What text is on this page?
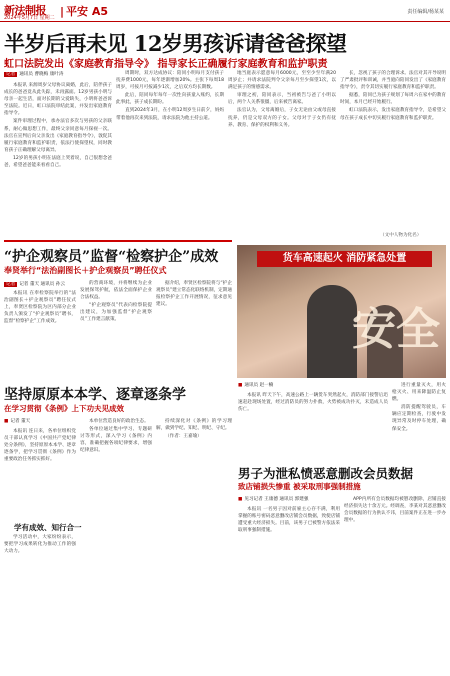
新法制报
2024年5月7日 星期二 | 平安 A5	责任编辑/杨某某
半岁后再未见 12岁男孩诉请爸爸探望
虹口法院发出《家庭教育指导令》 指导家长正确履行家庭教育和监护职责
记者 通讯员 曹晓梅 康叶涛

本报讯 来源周岁父母协议离婚，此后，陪伴孩子成长的爸爸竟从此失踪，未再露面。12岁男孩小明与母亲一起生活，面对长期的父爱缺失，小明将爸爸诉至法院。近日，虹口法院审结此案，并发出家庭教育指导令。

案件审理过程中，承办法官多次与男孩的父亲联系，耐心做思想工作，最终父亲同意每月探视一次。法官在宣判后向父亲发出《家庭教育指导令》，敦促其履行家庭教育和监护职责，依法行使探望权，同时教育孩子正确理解父母离异。

12岁的男孩小明在法庭上哭着说，自己很想念爸爸，希望爸爸能来看看自己。

周期时，双方达成协议：陪同小明每月支付孩子抚养费1000元，每年逐渐增加20%。主张下每周18周岁，可按月可按减少1次，之后双方均长期数。

此后，陪同每年每年一次性向孩童入账约，长期此事此，孩子成长期盼。

直到2024年3月，在小明12周岁生日前夕，妈妈带着他再次来到法院，请求法院为他主持公道。

地当庭表示愿意每月6000元，至至少至年满20周岁止；并请求法院判令父亲每月至少探望1次，以满足孩子的情感需求。

审理之初，陪同表示，当初被告与爸了小明以后，两个人关系很僵，后来被告离家。

法官认为，父母离婚后，子女无论由父或母直接抚养，仍是父母双方的子女。父母对于子女仍有抚养、教育、保护的权利和义务。

长，忽视了孩子的合理诉求。法官对其开导说明了严肃批评和训诫，并当庭向陪同发出了《家庭教育指导令》，责令其切实履行家庭教育和监护职责。

据悉，陪同已为孩子规划了每周六在家中的教育时间，本月已经开始履行。

虹口法院表示，发出家庭教育指导令，是希望父母在孩子成长中切实履行家庭教育和监护职责。

（文中人物为化名）
“护企观察员”监督“检察护企”成效
奉贤举行“法治副图长＋护企观察员”聘任仪式
记者 记者 董天 通讯员 孙云

本报讯 在奉检察院举行的“法治副图长＋护企观察员”聘任仪式上，奉贤区检察院为区内部分企业负责人颁发了“护企观察员”聘书，监督“检察护企”工作成效。

的营商环境，并将继续为企业发展保驾护航，依法全面保护企业合法权益。

“护企观察员”代表向检察院提出建议，为加强监督“护企观察员”工作建言献策。

据介绍，奉贤区检察院将与“护企观察员”建立常态化联络机制，定期通报检察护企工作开展情况，征求意见建议。

货车高速起火 消防紧急处置
安全
■ 通讯员 赵一楠

本报讯 昨天下午，高速公路上一辆货车突然起火，消防部门接警后迅速赶赴现场处置，经过消防员的努力扑救，火势被成功扑灭，未造成人员伤亡。

进行重量灭火，用火枪灭火、用来降温防止复燃。

消防提醒驾驶员，车辆应定期检查，行驶中发现异常及时停车处理，确保安全。

坚持原原本本学、逐章逐条学
在学习贯彻《条例》上下功夫见成效
■ 记者 董天

本报讯 连日来，各单位组织党员干部认真学习《中国共产党纪律处分条例》，坚持原原本本学、逐章逐条学，把学习贯彻《条例》作为重要政治任务抓实抓好。

学有成效、知行合一

学习活动中，大家纷纷表示，要把学习成果转化为推动工作的强大动力。

本单位营造良好的政治生态。

各单位通过集中学习、专题研讨等形式，深入学习《条例》内容，准确把握各项纪律要求，增强纪律意识。

持续深化对《条例》的学习理解，做到学纪、知纪、明纪、守纪。

（作者：王嘉瑜）

男子为泄私愤恶意删改会员数据
致店铺损失惨重 被采取刑事强制措施
■ 见习记者 王康德 通讯员 郭建强

本报讯 一名男子因对前雇主心存不满，利用掌握的账号密码恶意删改店铺会员数据，致使店铺遭受重大经济损失。目前，该男子已被警方依法采取刑事强制措施。

APP内所有会员数据均被篡改删除，店铺直接经济损失达十余万元。经调查，李某对其恶意删改会员数据的行为供认不讳，目前案件正在进一步办理中。
